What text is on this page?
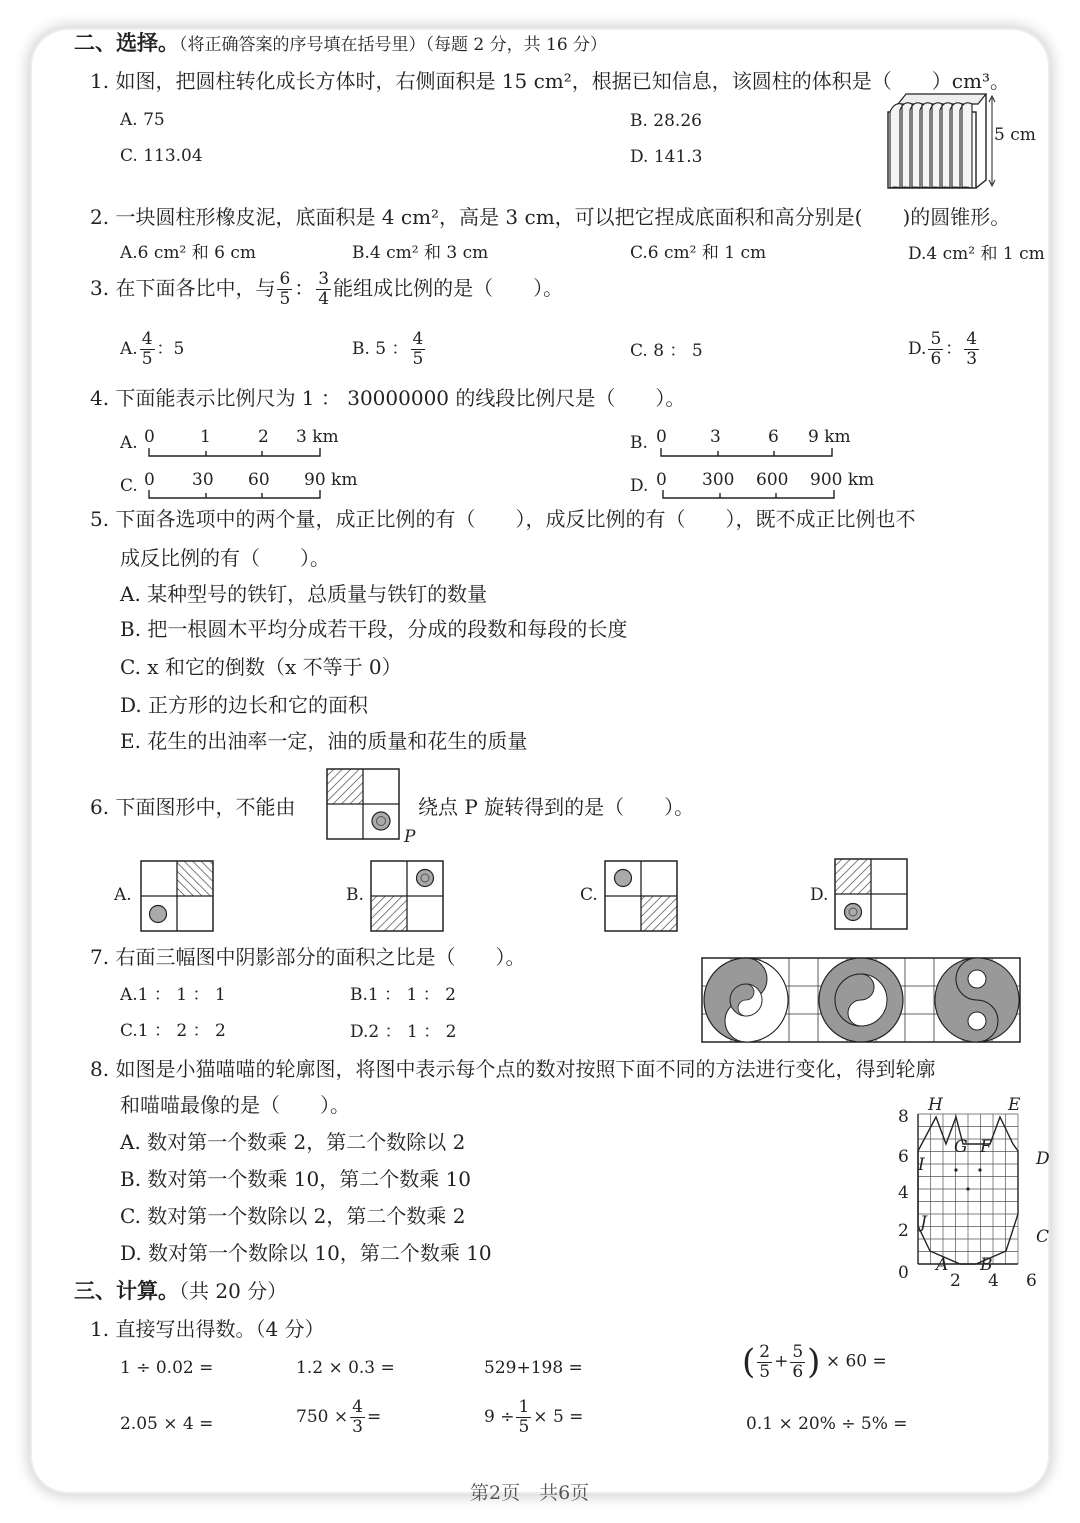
二、选择。（将正确答案的序号填在括号里）（每题 2 分，共 16 分）
1. 如图，把圆柱转化成长方体时，右侧面积是 15 cm²，根据已知信息，该圆柱的体积是（　　）cm³。
A. 75	B. 28.26
C. 113.04	D. 141.3
5 cm
2. 一块圆柱形橡皮泥，底面积是 4 cm²，高是 3 cm，可以把它捏成底面积和高分别是(　　)的圆锥形。
A.6 cm² 和 6 cm	B.4 cm² 和 3 cm	C.6 cm² 和 1 cm	D.4 cm² 和 1 cm
3. 在下面各比中，与 $\frac{6}{5}$ ： $\frac{3}{4}$ 能组成比例的是（　　）。
A. $\frac{4}{5}$ ：5	B. 5 ： $\frac{4}{5}$	C. 8 ： 5	D. $\frac{5}{6}$ ： $\frac{4}{3}$
4. 下面能表示比例尺为 1 ： 30000000 的线段比例尺是（　　）。
A. 0	1	2 3 km	B. 0	3	6 9 km
C. 0 30 60 90 km	D. 0 300 600 900 km
5. 下面各选项中的两个量，成正比例的有（　　），成反比例的有（　　），既不成正比例也不
成反比例的有（　　）。
A. 某种型号的铁钉，总质量与铁钉的数量
B. 把一根圆木平均分成若干段，分成的段数和每段的长度
C. x 和它的倒数（x 不等于 0）
D. 正方形的边长和它的面积
E. 花生的出油率一定，油的质量和花生的质量
6. 下面图形中，不能由
P
绕点 P 旋转得到的是（　　）。
A.	B.	C.	D.
7. 右面三幅图中阴影部分的面积之比是（　　）。
A.1 ： 1 ： 1	B.1 ： 1 ： 2
C.1 ： 2 ： 2	D.2 ： 1 ： 2
8. 如图是小猫喵喵的轮廓图，将图中表示每个点的数对按照下面不同的方法进行变化，得到轮廓
和喵喵最像的是（　　）。
A. 数对第一个数乘 2，第二个数除以 2
B. 数对第一个数乘 10，第二个数乘 10
C. 数对第一个数除以 2，第二个数乘 2
D. 数对第一个数除以 10，第二个数乘 10
8
6
4
2
0 2 4 6
H	E
G F
I	D
J
C
A B
三、计算。（共 20 分）
1. 直接写出得数。（4 分）
1 ÷ 0.02 =	1.2 × 0.3 =	529+198 =	( $\frac{2}{5} + \frac{5}{6}$ ) × 60 =
2.05 × 4 =	$750 \times \frac{4}{3}$ =	$9 \div \frac{1}{5} \times 5$ =	0.1 × 20% ÷ 5% =
第2页　共6页
